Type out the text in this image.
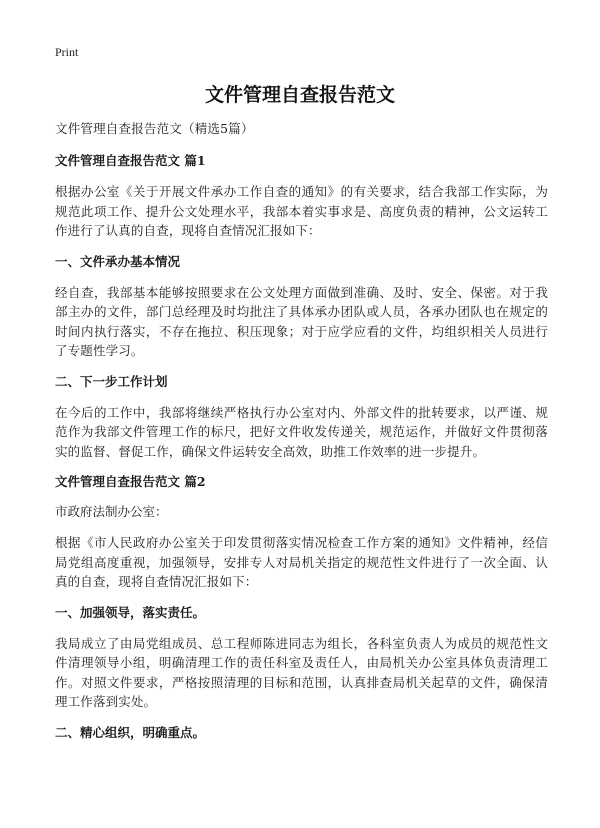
Print
文件管理自查报告范文

文件管理自查报告范文（精选5篇）

文件管理自查报告范文 篇1

根据办公室《关于开展文件承办工作自查的通知》的有关要求，结合我部工作实际，为规范此项工作、提升公文处理水平，我部本着实事求是、高度负责的精神，公文运转工作进行了认真的自查，现将自查情况汇报如下：

一、文件承办基本情况

经自查，我部基本能够按照要求在公文处理方面做到准确、及时、安全、保密。对于我部主办的文件，部门总经理及时均批注了具体承办团队或人员，各承办团队也在规定的时间内执行落实，不存在拖拉、积压现象；对于应学应看的文件，均组织相关人员进行了专题性学习。

二、下一步工作计划

在今后的工作中，我部将继续严格执行办公室对内、外部文件的批转要求，以严谨、规范作为我部文件管理工作的标尺，把好文件收发传递关，规范运作，并做好文件贯彻落实的监督、督促工作，确保文件运转安全高效，助推工作效率的进一步提升。

文件管理自查报告范文 篇2

市政府法制办公室：

根据《市人民政府办公室关于印发贯彻落实情况检查工作方案的通知》文件精神，经信局党组高度重视，加强领导，安排专人对局机关指定的规范性文件进行了一次全面、认真的自查，现将自查情况汇报如下：

一、加强领导，落实责任。

我局成立了由局党组成员、总工程师陈进同志为组长，各科室负责人为成员的规范性文件清理领导小组，明确清理工作的责任科室及责任人，由局机关办公室具体负责清理工作。对照文件要求，严格按照清理的目标和范围，认真排查局机关起草的文件，确保清理工作落到实处。

二、精心组织，明确重点。
